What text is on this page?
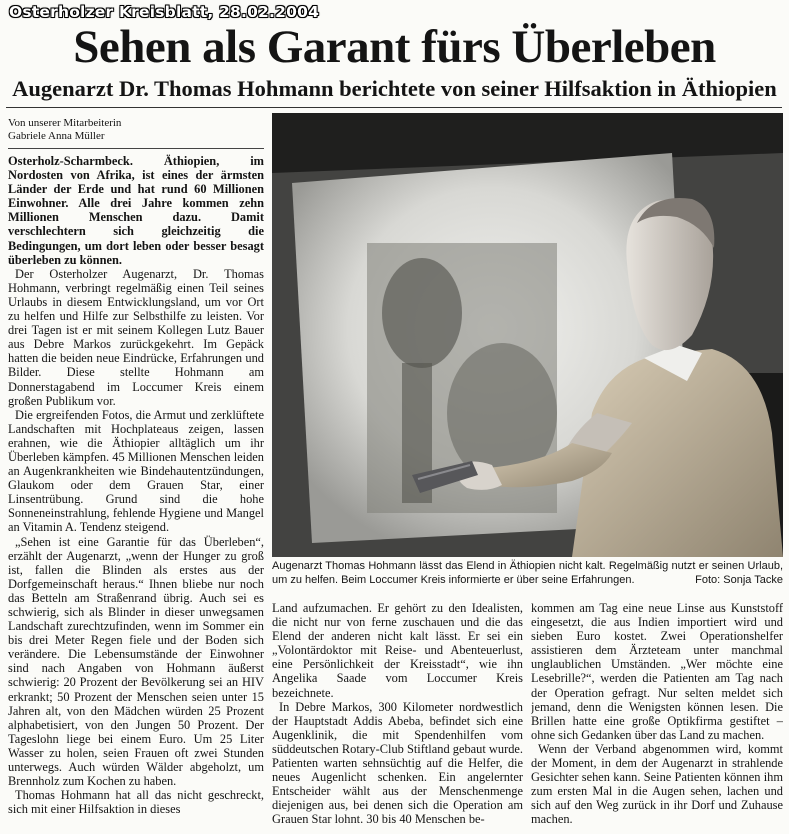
Osterholzer Kreisblatt, 28.02.2004
Sehen als Garant fürs Überleben
Augenarzt Dr. Thomas Hohmann berichtete von seiner Hilfsaktion in Äthiopien
Von unserer Mitarbeiterin
Gabriele Anna Müller

Osterholz-Scharmbeck. Äthiopien, im Nordosten von Afrika, ist eines der ärmsten Länder der Erde und hat rund 60 Millionen Einwohner. Alle drei Jahre kommen zehn Millionen Menschen dazu. Damit verschlechtern sich gleichzeitig die Bedingungen, um dort leben oder besser besagt überleben zu können.

Der Osterholzer Augenarzt, Dr. Thomas Hohmann, verbringt regelmäßig einen Teil seines Urlaubs in diesem Entwicklungsland, um vor Ort zu helfen und Hilfe zur Selbsthilfe zu leisten. Vor drei Tagen ist er mit seinem Kollegen Lutz Bauer aus Debre Markos zurückgekehrt. Im Gepäck hatten die beiden neue Eindrücke, Erfahrungen und Bilder. Diese stellte Hohmann am Donnerstagabend im Loccumer Kreis einem großen Publikum vor.

Die ergreifenden Fotos, die Armut und zerklüftete Landschaften mit Hochplateaus zeigen, lassen erahnen, wie die Äthiopier alltäglich um ihr Überleben kämpfen. 45 Millionen Menschen leiden an Augenkrankheiten wie Bindehautentzündungen, Glaukom oder dem Grauen Star, einer Linsentrübung. Grund sind die hohe Sonneneinstrahlung, fehlende Hygiene und Mangel an Vitamin A. Tendenz steigend.

„Sehen ist eine Garantie für das Überleben“, erzählt der Augenarzt, „wenn der Hunger zu groß ist, fallen die Blinden als erstes aus der Dorfgemeinschaft heraus.“ Ihnen bliebe nur noch das Betteln am Straßenrand übrig. Auch sei es schwierig, sich als Blinder in dieser unwegsamen Landschaft zurechtzufinden, wenn im Sommer ein bis drei Meter Regen fiele und der Boden sich verändere. Die Lebensumstände der Einwohner sind nach Angaben von Hohmann äußerst schwierig: 20 Prozent der Bevölkerung sei an HIV erkrankt; 50 Prozent der Menschen seien unter 15 Jahren alt, von den Mädchen würden 25 Prozent alphabetisiert, von den Jungen 50 Prozent. Der Tageslohn liege bei einem Euro. Um 25 Liter Wasser zu holen, seien Frauen oft zwei Stunden unterwegs. Auch würden Wälder abgeholzt, um Brennholz zum Kochen zu haben.

Thomas Hohmann hat all das nicht geschreckt, sich mit einer Hilfsaktion in dieses

Augenarzt Thomas Hohmann lässt das Elend in Äthiopien nicht kalt. Regelmäßig nutzt er seinen Urlaub, um zu helfen. Beim Loccumer Kreis informierte er über seine Erfahrungen.	Foto: Sonja Tacke

Land aufzumachen. Er gehört zu den Idealisten, die nicht nur von ferne zuschauen und die das Elend der anderen nicht kalt lässt. Er sei ein „Volontärdoktor mit Reise- und Abenteuerlust, eine Persönlichkeit der Kreisstadt“, wie ihn Angelika Saade vom Loccumer Kreis bezeichnete.

In Debre Markos, 300 Kilometer nordwestlich der Hauptstadt Addis Abeba, befindet sich eine Augenklinik, die mit Spendenhilfen vom süddeutschen Rotary-Club Stiftland gebaut wurde. Patienten warten sehnsüchtig auf die Helfer, die neues Augenlicht schenken. Ein angelernter Entscheider wählt aus der Menschenmenge diejenigen aus, bei denen sich die Operation am Grauen Star lohnt. 30 bis 40 Menschen be-

kommen am Tag eine neue Linse aus Kunststoff eingesetzt, die aus Indien importiert wird und sieben Euro kostet. Zwei Operationshelfer assistieren dem Ärzteteam unter manchmal unglaublichen Umständen. „Wer möchte eine Lesebrille?“, werden die Patienten am Tag nach der Operation gefragt. Nur selten meldet sich jemand, denn die Wenigsten können lesen. Die Brillen hatte eine große Optikfirma gestiftet – ohne sich Gedanken über das Land zu machen.

Wenn der Verband abgenommen wird, kommt der Moment, in dem der Augenarzt in strahlende Gesichter sehen kann. Seine Patienten können ihm zum ersten Mal in die Augen sehen, lachen und sich auf den Weg zurück in ihr Dorf und Zuhause machen.
